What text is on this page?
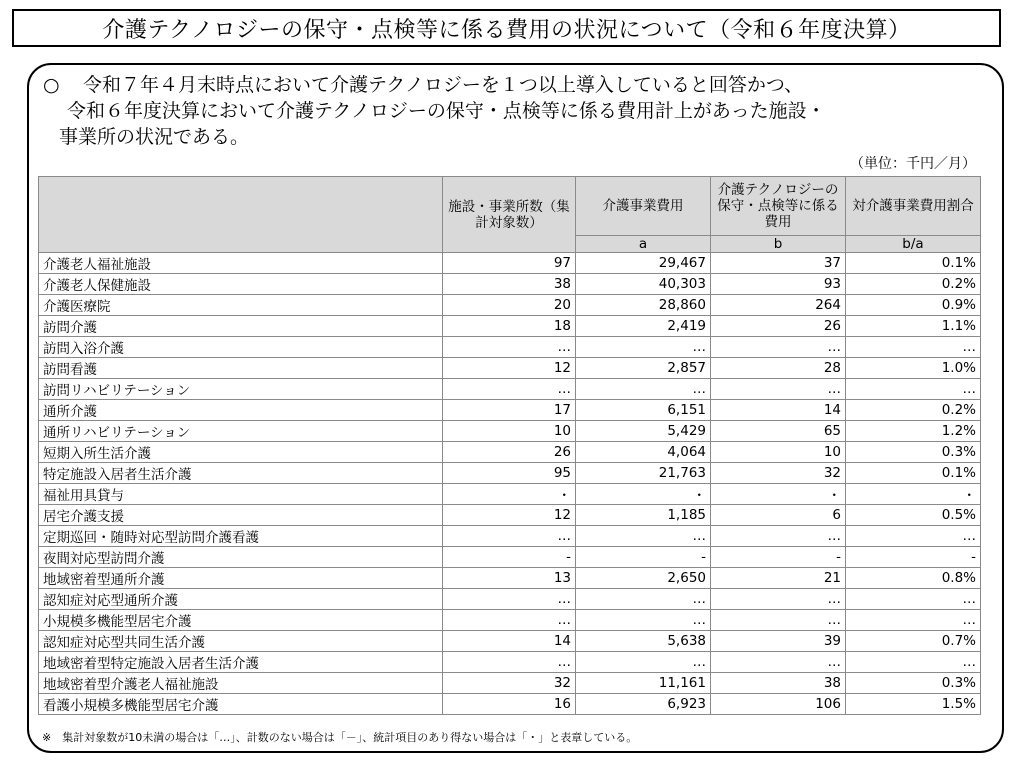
介護テクノロジーの保守・点検等に係る費用の状況について（令和６年度決算）
○ 令和７年４月末時点において介護テクノロジーを１つ以上導入していると回答かつ、
令和６年度決算において介護テクノロジーの保守・点検等に係る費用計上があった施設・
事業所の状況である。
（単位：千円／月）
	施設・事業所数（集計対象数）	介護事業費用	介護テクノロジーの保守・点検等に係る費用	対介護事業費用割合
		a	b	b/a
介護老人福祉施設	97	29,467	37	0.1%
介護老人保健施設	38	40,303	93	0.2%
介護医療院	20	28,860	264	0.9%
訪問介護	18	2,419	26	1.1%
訪問入浴介護	…	…	…	…
訪問看護	12	2,857	28	1.0%
訪問リハビリテーション	…	…	…	…
通所介護	17	6,151	14	0.2%
通所リハビリテーション	10	5,429	65	1.2%
短期入所生活介護	26	4,064	10	0.3%
特定施設入居者生活介護	95	21,763	32	0.1%
福祉用具貸与	・	・	・	・
居宅介護支援	12	1,185	6	0.5%
定期巡回・随時対応型訪問介護看護	…	…	…	…
夜間対応型訪問介護	-	-	-	-
地域密着型通所介護	13	2,650	21	0.8%
認知症対応型通所介護	…	…	…	…
小規模多機能型居宅介護	…	…	…	…
認知症対応型共同生活介護	14	5,638	39	0.7%
地域密着型特定施設入居者生活介護	…	…	…	…
地域密着型介護老人福祉施設	32	11,161	38	0.3%
看護小規模多機能型居宅介護	16	6,923	106	1.5%
※　集計対象数が10未満の場合は「…」、計数のない場合は「－」、統計項目のあり得ない場合は「・」と表章している。
